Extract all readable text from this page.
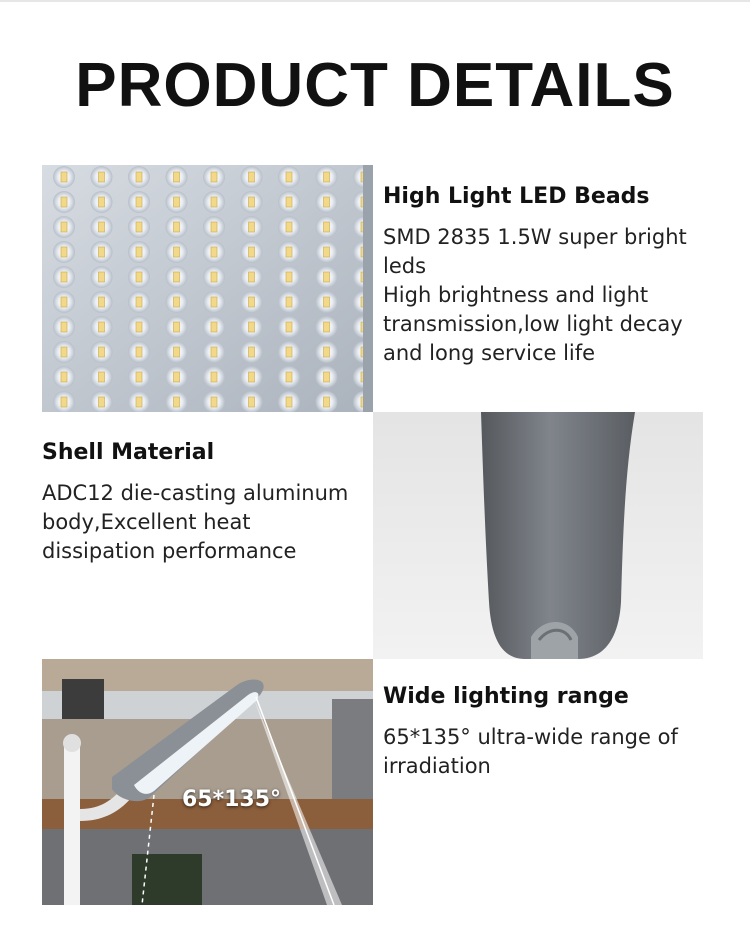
PRODUCT DETAILS
High Light LED Beads
SMD 2835 1.5W super bright leds
High brightness and light transmission,low light decay and long service life
Shell Material
ADC12 die-casting aluminum body,Excellent heat dissipation performance
65*135°
Wide lighting range
65*135° ultra-wide range of irradiation
